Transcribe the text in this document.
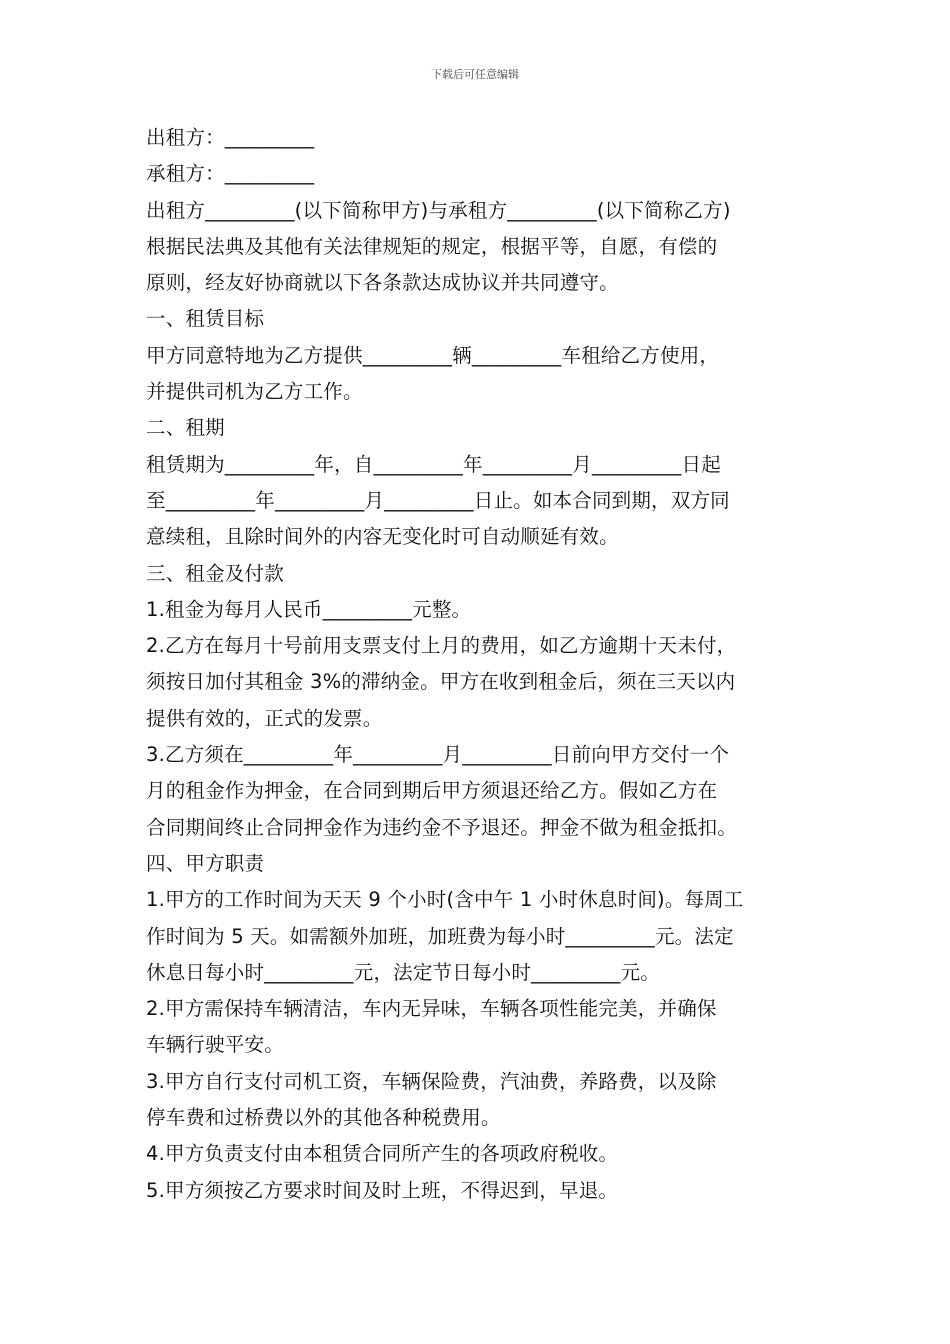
下载后可任意编辑
出租方：_________
承租方：_________
出租方_________(以下简称甲方)与承租方_________(以下简称乙方)
根据民法典及其他有关法律规矩的规定，根据平等，自愿，有偿的
原则，经友好协商就以下各条款达成协议并共同遵守。
一、租赁目标
甲方同意特地为乙方提供_________辆_________车租给乙方使用，
并提供司机为乙方工作。
二、租期
租赁期为_________年，自_________年_________月_________日起
至_________年_________月_________日止。如本合同到期，双方同
意续租，且除时间外的内容无变化时可自动顺延有效。
三、租金及付款
1.租金为每月人民币_________元整。
2.乙方在每月十号前用支票支付上月的费用，如乙方逾期十天未付，
须按日加付其租金 3%的滞纳金。甲方在收到租金后，须在三天以内
提供有效的，正式的发票。
3.乙方须在_________年_________月_________日前向甲方交付一个
月的租金作为押金，在合同到期后甲方须退还给乙方。假如乙方在
合同期间终止合同押金作为违约金不予退还。押金不做为租金抵扣。
四、甲方职责
1.甲方的工作时间为天天 9 个小时(含中午 1 小时休息时间)。每周工
作时间为 5 天。如需额外加班，加班费为每小时_________元。法定
休息日每小时_________元，法定节日每小时_________元。
2.甲方需保持车辆清洁，车内无异味，车辆各项性能完美，并确保
车辆行驶平安。
3.甲方自行支付司机工资，车辆保险费，汽油费，养路费，以及除
停车费和过桥费以外的其他各种税费用。
4.甲方负责支付由本租赁合同所产生的各项政府税收。
5.甲方须按乙方要求时间及时上班，不得迟到，早退。
